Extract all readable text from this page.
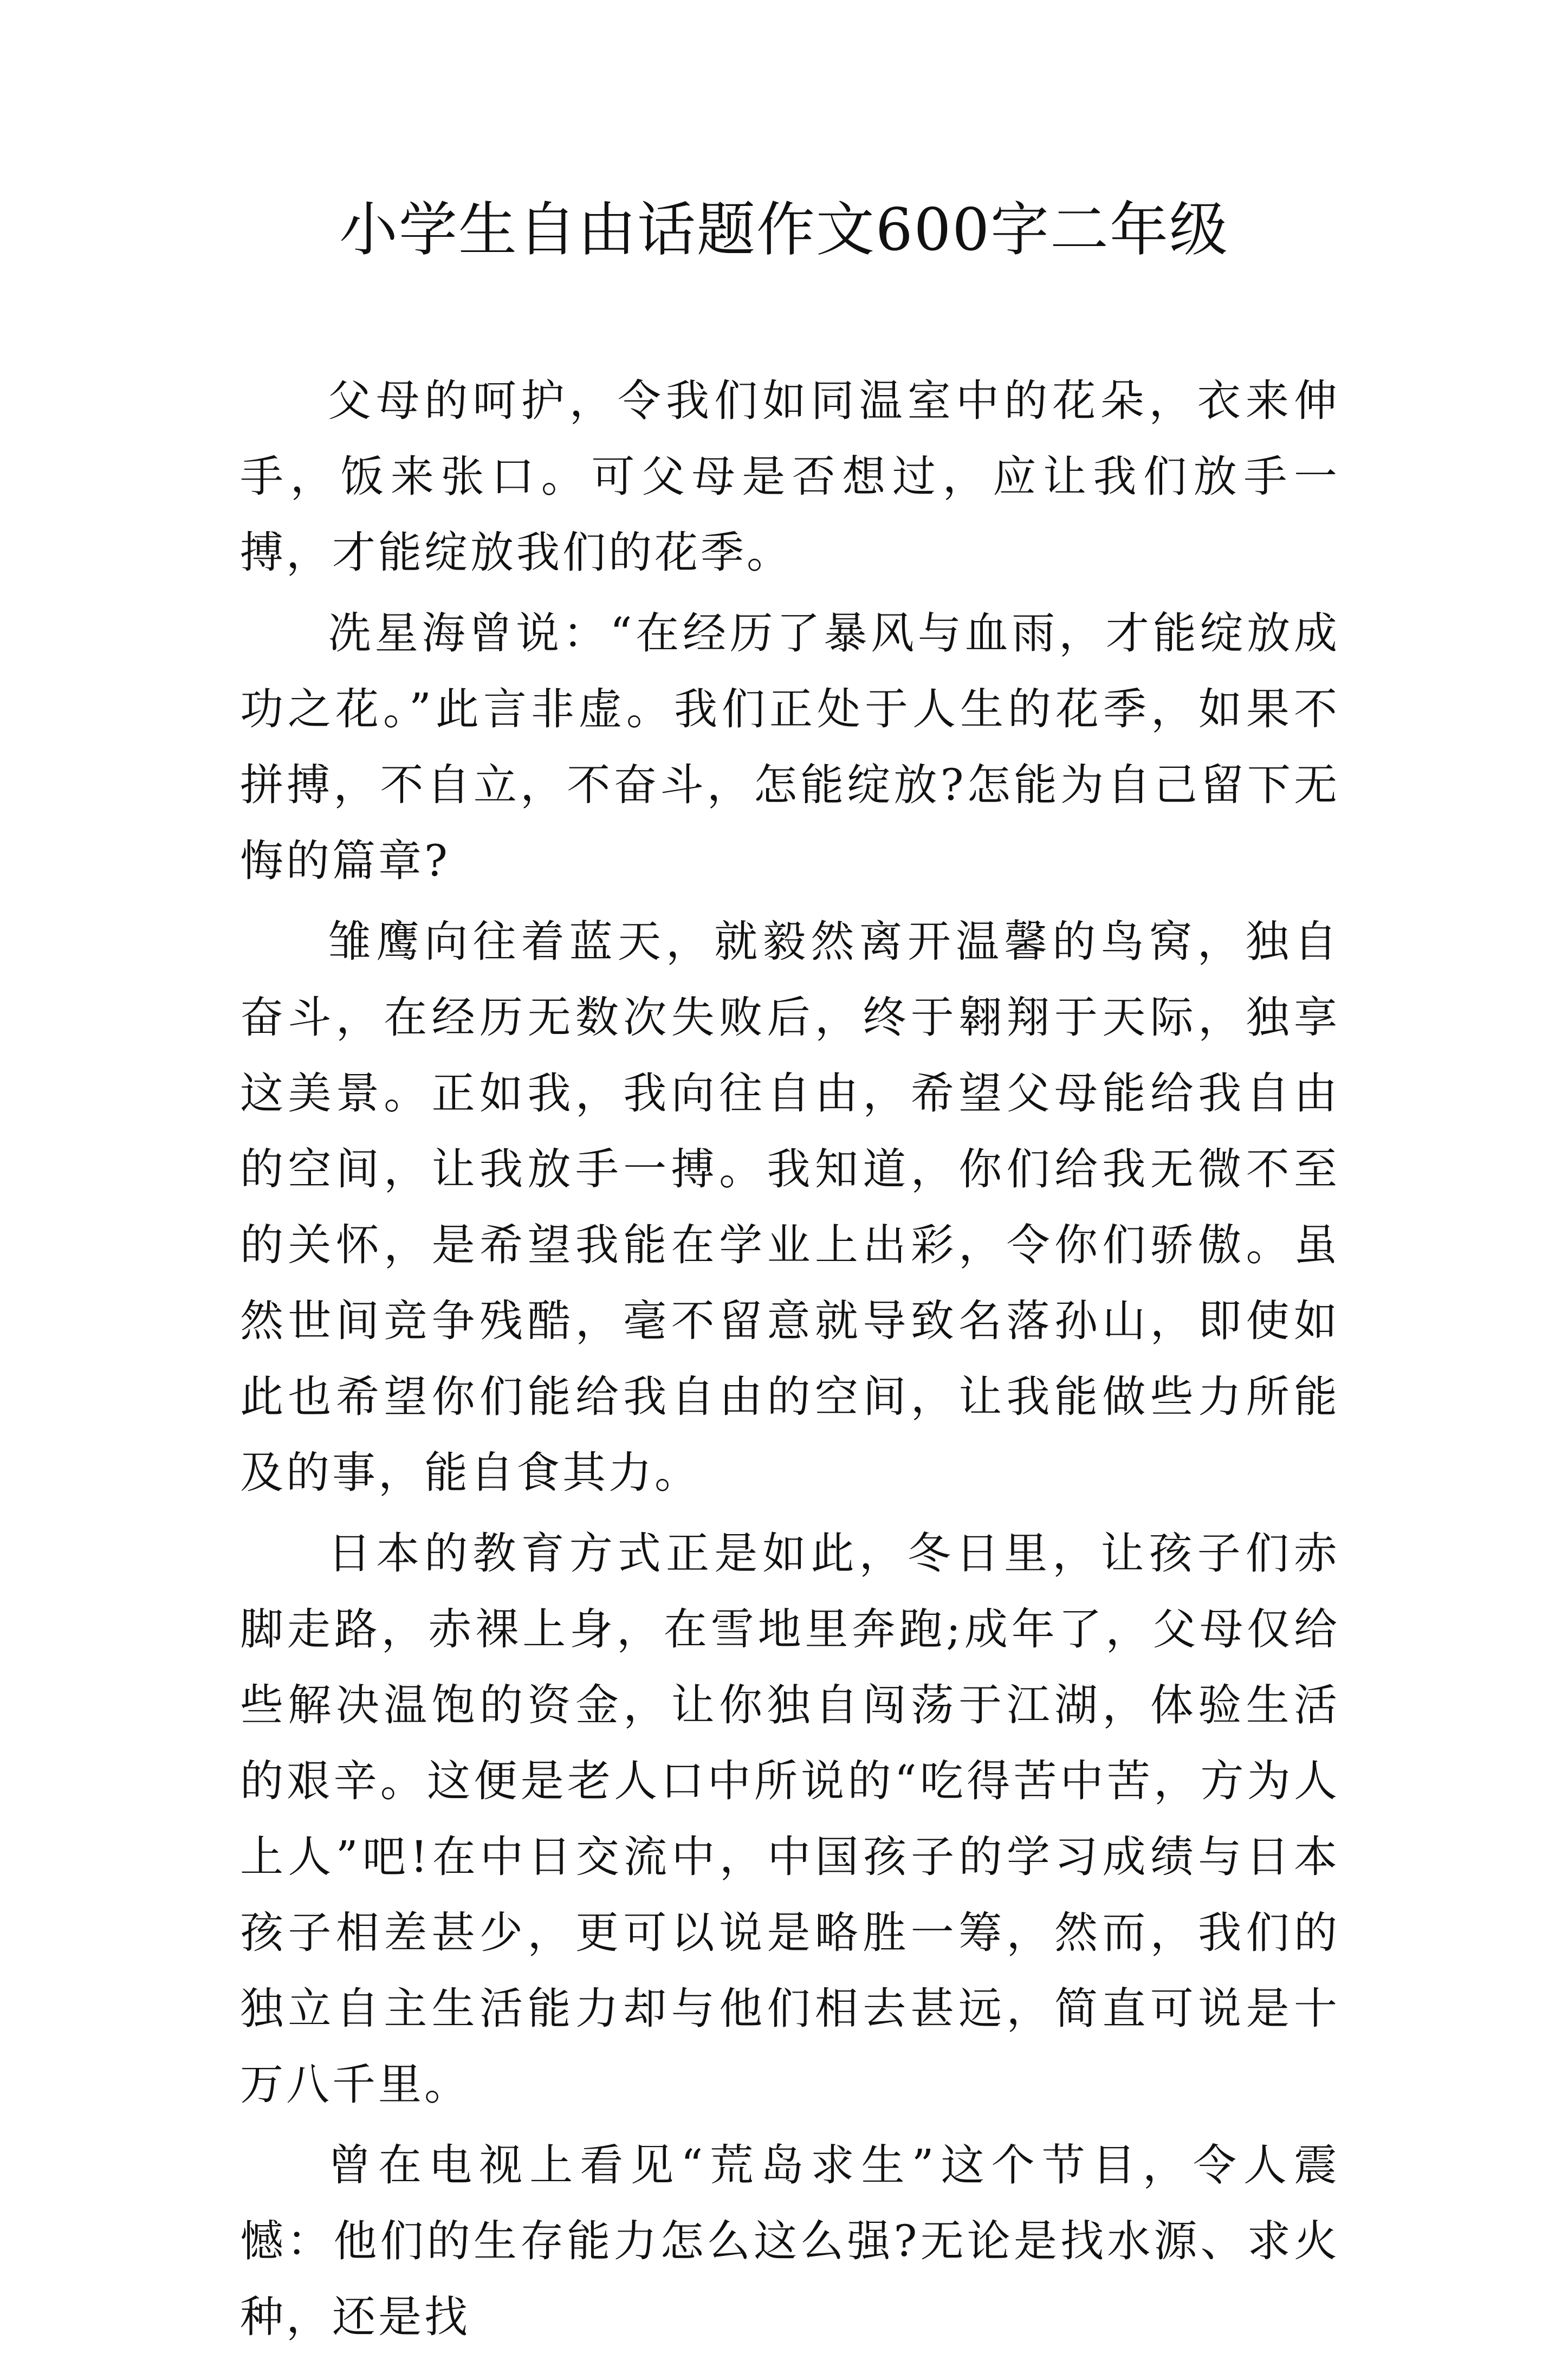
小学生自由话题作文600字二年级

父母的呵护，令我们如同温室中的花朵，衣来伸手，饭来张口。可父母是否想过，应让我们放手一搏，才能绽放我们的花季。

冼星海曾说：“在经历了暴风与血雨，才能绽放成功之花。”此言非虚。我们正处于人生的花季，如果不拼搏，不自立，不奋斗，怎能绽放?怎能为自己留下无悔的篇章?

雏鹰向往着蓝天，就毅然离开温馨的鸟窝，独自奋斗，在经历无数次失败后，终于翱翔于天际，独享这美景。正如我，我向往自由，希望父母能给我自由的空间，让我放手一搏。我知道，你们给我无微不至的关怀，是希望我能在学业上出彩，令你们骄傲。虽然世间竞争残酷，毫不留意就导致名落孙山，即使如此也希望你们能给我自由的空间，让我能做些力所能及的事，能自食其力。

日本的教育方式正是如此，冬日里，让孩子们赤脚走路，赤裸上身，在雪地里奔跑;成年了，父母仅给些解决温饱的资金，让你独自闯荡于江湖，体验生活的艰辛。这便是老人口中所说的“吃得苦中苦，方为人上人”吧!在中日交流中，中国孩子的学习成绩与日本孩子相差甚少，更可以说是略胜一筹，然而，我们的独立自主生活能力却与他们相去甚远，简直可说是十万八千里。

曾在电视上看见“荒岛求生”这个节目，令人震憾：他们的生存能力怎么这么强?无论是找水源、求火种，还是找
